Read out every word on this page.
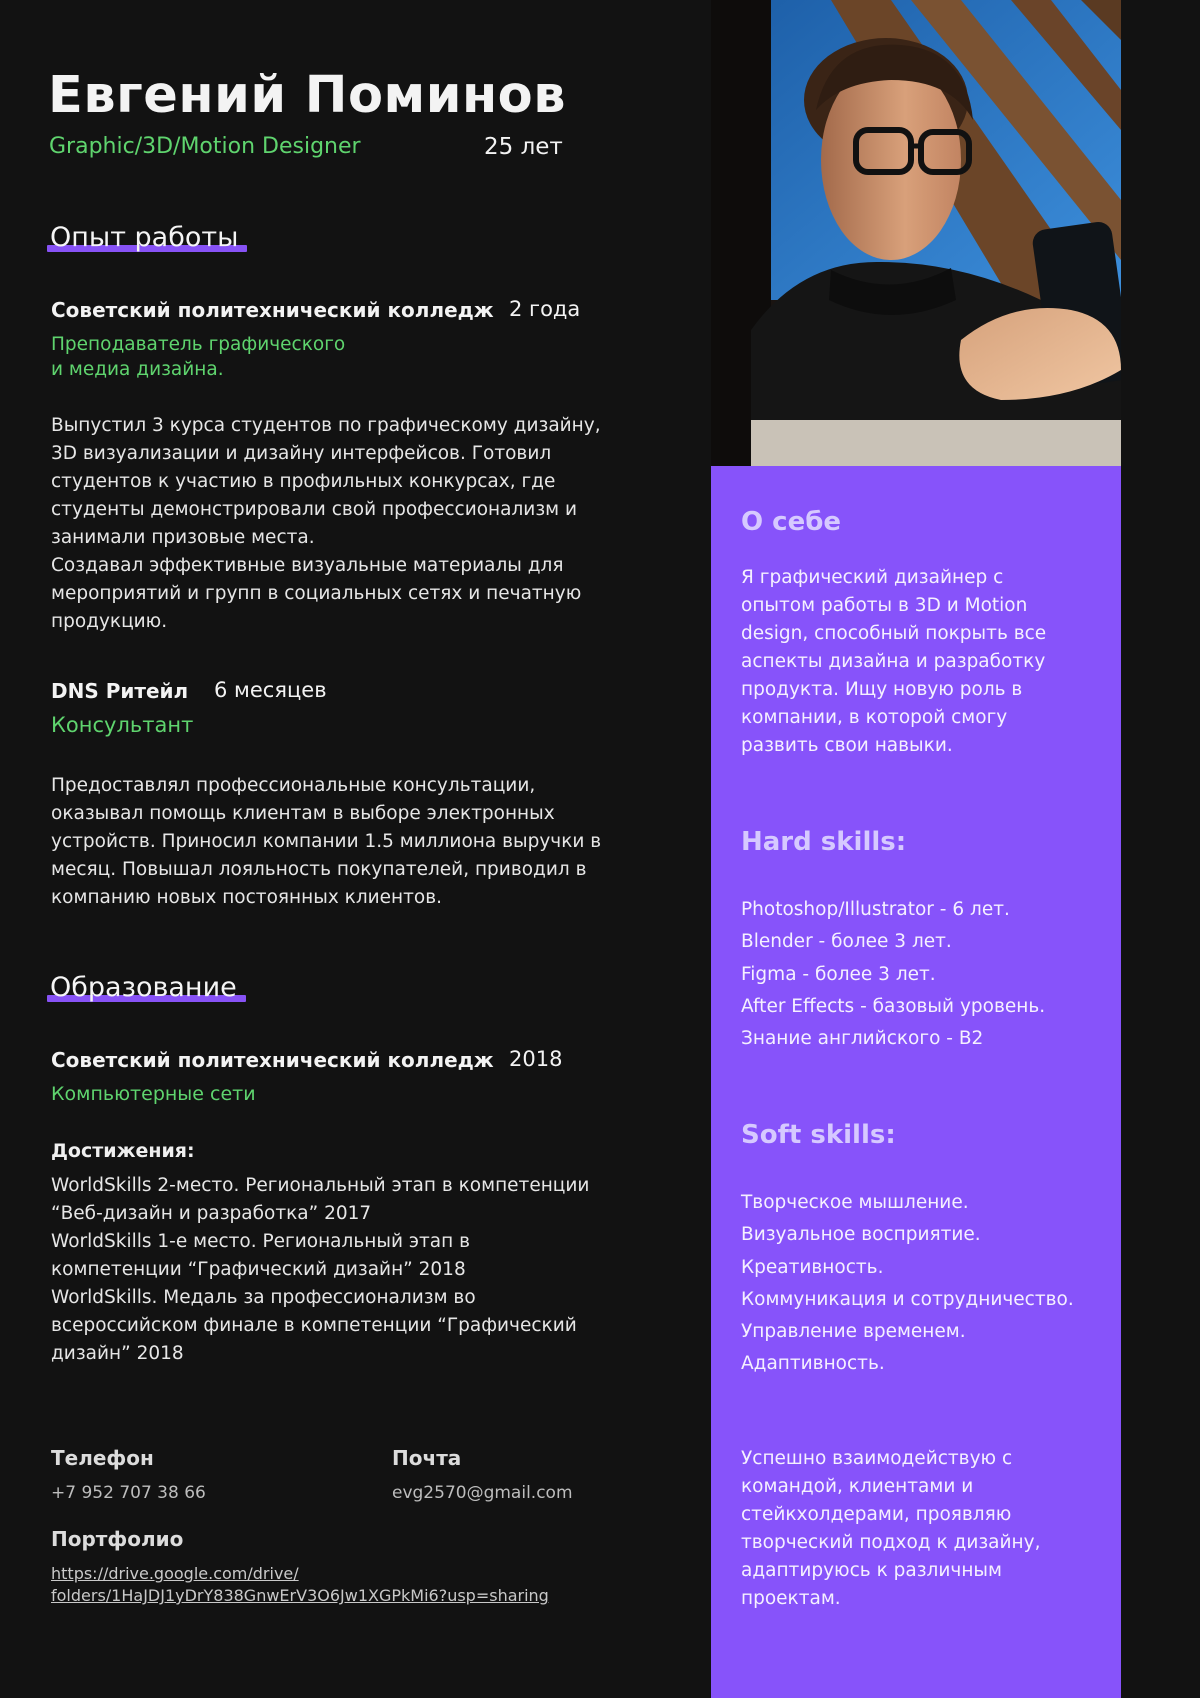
Евгений Поминов
Graphic/3D/Motion Designer	25 лет
Опыт работы
Советский политехнический колледж 2 года
Преподаватель графического
и медиа дизайна.
Выпустил 3 курса студентов по графическому дизайну,
3D визуализации и дизайну интерфейсов. Готовил
студентов к участию в профильных конкурсах, где
студенты демонстрировали свой профессионализм и
занимали призовые места.
Создавал эффективные визуальные материалы для
мероприятий и групп в социальных сетях и печатную
продукцию.
DNS Ритейл 6 месяцев
Консультант
Предоставлял профессиональные консультации,
оказывал помощь клиентам в выборе электронных
устройств. Приносил компании 1.5 миллиона выручки в
месяц. Повышал лояльность покупателей, приводил в
компанию новых постоянных клиентов.
Образование
Советский политехнический колледж 2018
Компьютерные сети
Достижения:
WorldSkills 2-место. Региональный этап в компетенции
“Веб-дизайн и разработка” 2017
WorldSkills 1-е место. Региональный этап в
компетенции “Графический дизайн” 2018
WorldSkills. Медаль за профессионализм во
всероссийском финале в компетенции “Графический
дизайн” 2018
Телефон
+7 952 707 38 66
Почта
evg2570@gmail.com
Портфолио
https://drive.google.com/drive/
folders/1HaJDJ1yDrY838GnwErV3O6Jw1XGPkMi6?usp=sharing
О себе
Я графический дизайнер с
опытом работы в 3D и Motion
design, способный покрыть все
аспекты дизайна и разработку
продукта. Ищу новую роль в
компании, в которой смогу
развить свои навыки.
Hard skills:
Photoshop/Illustrator - 6 лет.
Blender - более 3 лет.
Figma - более 3 лет.
After Effects - базовый уровень.
Знание английского - B2
Soft skills:
Творческое мышление.
Визуальное восприятие.
Креативность.
Коммуникация и сотрудничество.
Управление временем.
Адаптивность.
Успешно взаимодействую с
командой, клиентами и
стейкхолдерами, проявляю
творческий подход к дизайну,
адаптируюсь к различным
проектам.
